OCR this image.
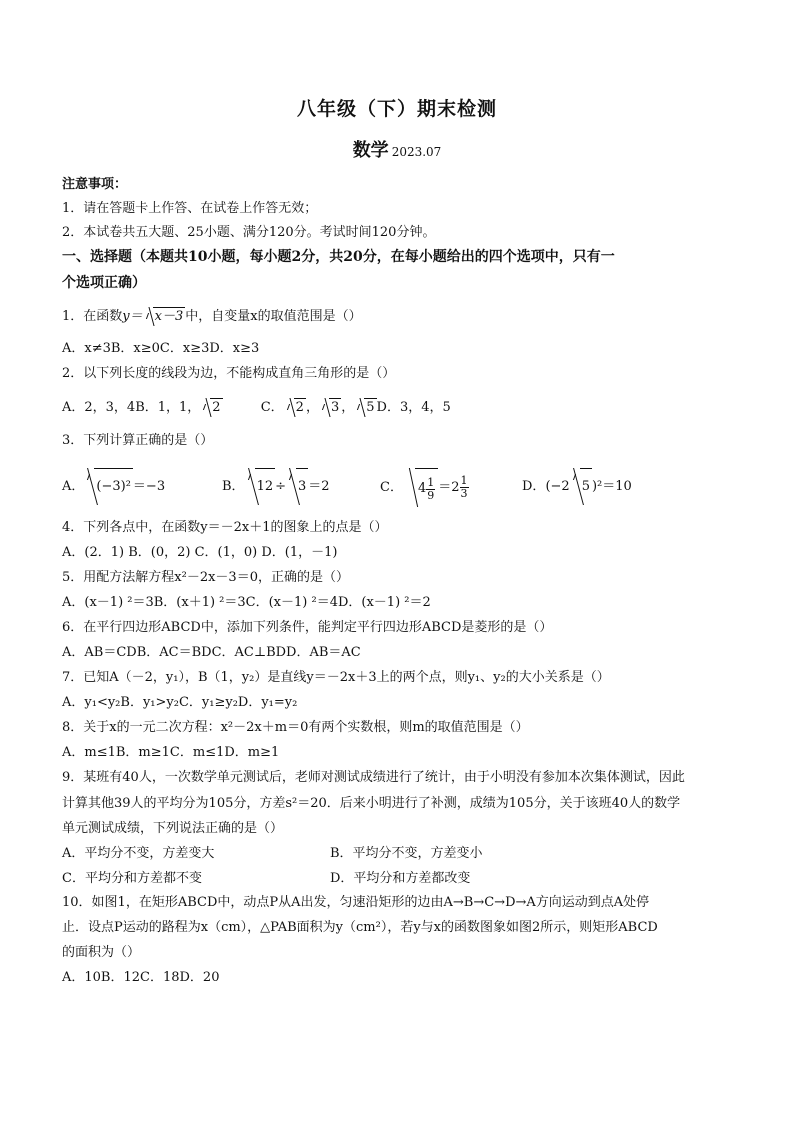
八年级（下）期末检测
数学 2023.07
注意事项：
1．请在答题卡上作答、在试卷上作答无效；
2．本试卷共五大题、25小题、满分120分。考试时间120分钟。
一、选择题（本题共10小题，每小题2分，共20分，在每小题给出的四个选项中，只有一
个选项正确）
1．在函数y＝ x－3 中，自变量x的取值范围是（）
A．x≠3B．x≥0C．x≥3D．x≥3
2．以下列长度的线段为边，不能构成直角三角形的是（）
A．2，3，4B．1，1， 2	C． 2 ， 3 ， 5 D．3，4，5
3．下列计算正确的是（）
A． (−3)² ＝−3	B． 12 ÷ 3 ＝2	C． $4 \frac{1}{9} =2 \frac{1}{3}$	D．(−2 5 )²＝10
4．下列各点中，在函数y＝－2x＋1的图象上的点是（）
A．(2．1) B．(0，2) C．(1，0) D．(1，－1)
5．用配方法解方程x²－2x－3＝0，正确的是（）
A．(x－1) ²＝3B．(x＋1) ²＝3C．(x－1) ²＝4D．(x－1) ²＝2
6．在平行四边形ABCD中，添加下列条件，能判定平行四边形ABCD是菱形的是（）
A．AB＝CDB．AC＝BDC．AC⊥BDD．AB＝AC
7．已知A（－2，y₁），B（1，y₂）是直线y＝－2x＋3上的两个点，则y₁、y₂的大小关系是（）
A．y₁<y₂B．y₁>y₂C．y₁≥y₂D．y₁=y₂
8．关于x的一元二次方程：x²－2x＋m＝0有两个实数根，则m的取值范围是（）
A．m≤1B．m≥1C．m≤1D．m≥1
9．某班有40人，一次数学单元测试后，老师对测试成绩进行了统计，由于小明没有参加本次集体测试，因此
计算其他39人的平均分为105分，方差s²＝20．后来小明进行了补测，成绩为105分，关于该班40人的数学
单元测试成绩，下列说法正确的是（）
A．平均分不变，方差变大	B．平均分不变，方差变小
C．平均分和方差都不变	D．平均分和方差都改变
10．如图1，在矩形ABCD中，动点P从A出发，匀速沿矩形的边由A→B→C→D→A方向运动到点A处停
止．设点P运动的路程为x（cm），△PAB面积为y（cm²），若y与x的函数图象如图2所示，则矩形ABCD
的面积为（）
A．10B．12C．18D．20
